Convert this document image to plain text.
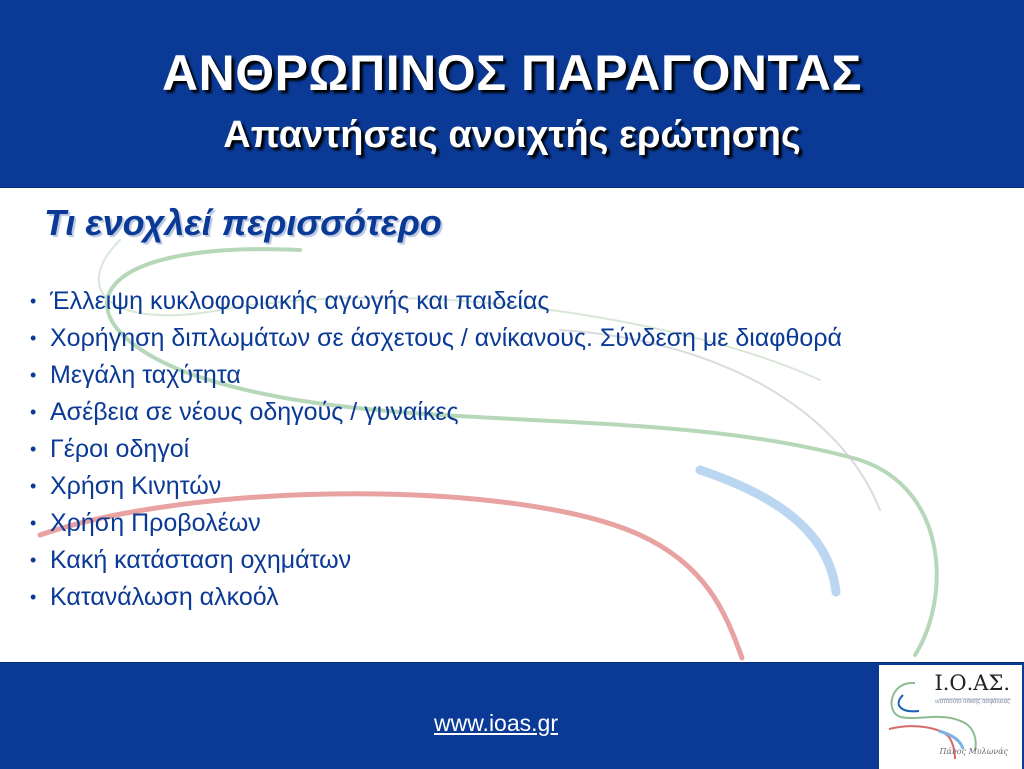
ΑΝΘΡΩΠΙΝΟΣ ΠΑΡΑΓΟΝΤΑΣ
Απαντήσεις ανοιχτής ερώτησης
Τι ενοχλεί περισσότερο
• Έλλειψη κυκλοφοριακής αγωγής και παιδείας
• Χορήγηση διπλωμάτων σε άσχετους / ανίκανους. Σύνδεση με διαφθορά
• Μεγάλη ταχύτητα
• Ασέβεια σε νέους οδηγούς / γυναίκες
• Γέροι οδηγοί
• Χρήση Κινητών
• Χρήση Προβολέων
• Κακή κατάσταση οχημάτων
• Κατανάλωση αλκοόλ
www.ioas.gr
Ι.Ο.ΑΣ.
ινστιτούτο οδικής ασφάλειας
Πάνος Μυλωνάς
